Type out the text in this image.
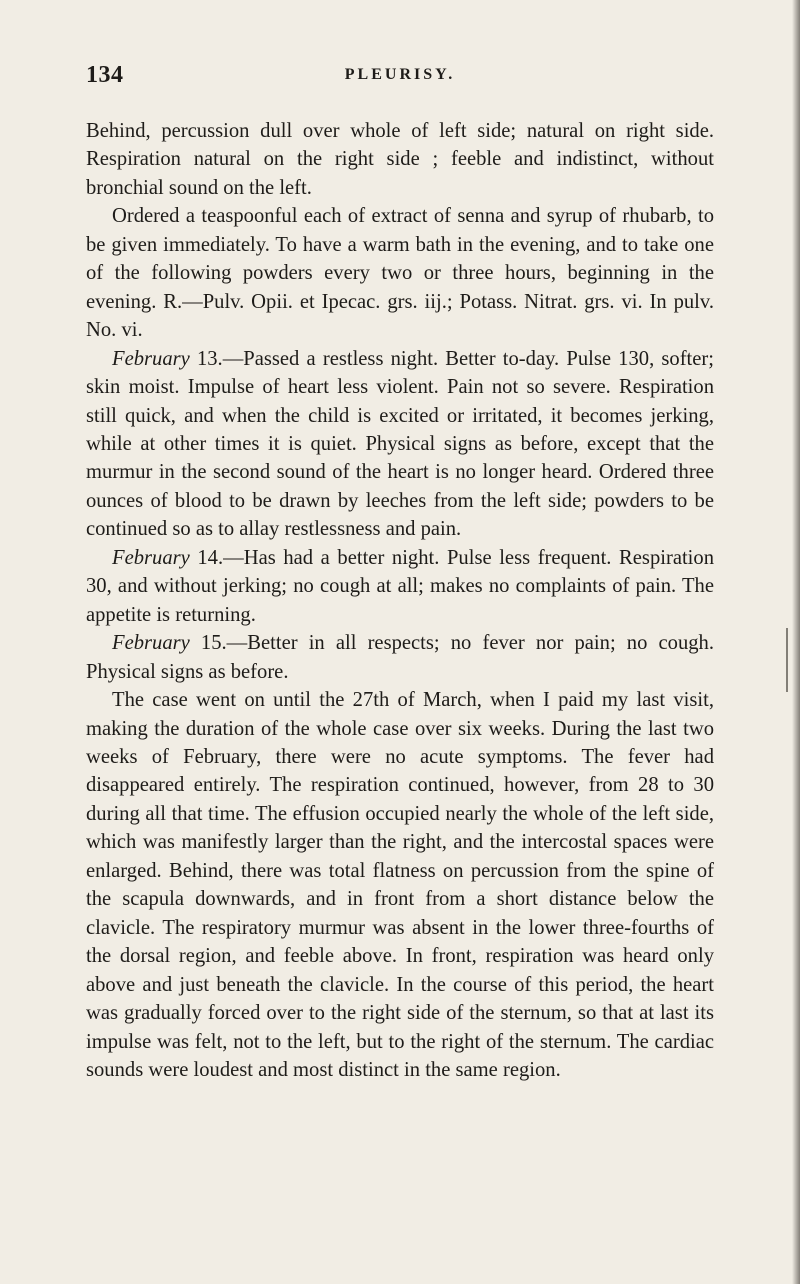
134	PLEURISY.

Behind, percussion dull over whole of left side; natural on right side. Respiration natural on the right side ; feeble and indistinct, without bronchial sound on the left.

Ordered a teaspoonful each of extract of senna and syrup of rhubarb, to be given immediately. To have a warm bath in the evening, and to take one of the following powders every two or three hours, beginning in the evening. R.—Pulv. Opii. et Ipecac. grs. iij.; Potass. Nitrat. grs. vi. In pulv. No. vi.

February 13.—Passed a restless night. Better to-day. Pulse 130, softer; skin moist. Impulse of heart less violent. Pain not so severe. Respiration still quick, and when the child is excited or irritated, it becomes jerking, while at other times it is quiet. Physical signs as before, except that the murmur in the second sound of the heart is no longer heard. Ordered three ounces of blood to be drawn by leeches from the left side; powders to be continued so as to allay restlessness and pain.

February 14.—Has had a better night. Pulse less frequent. Respiration 30, and without jerking; no cough at all; makes no complaints of pain. The appetite is returning.

February 15.—Better in all respects; no fever nor pain; no cough. Physical signs as before.

The case went on until the 27th of March, when I paid my last visit, making the duration of the whole case over six weeks. During the last two weeks of February, there were no acute symptoms. The fever had disappeared entirely. The respiration continued, however, from 28 to 30 during all that time. The effusion occupied nearly the whole of the left side, which was manifestly larger than the right, and the intercostal spaces were enlarged. Behind, there was total flatness on percussion from the spine of the scapula downwards, and in front from a short distance below the clavicle. The respiratory murmur was absent in the lower three-fourths of the dorsal region, and feeble above. In front, respiration was heard only above and just beneath the clavicle. In the course of this period, the heart was gradually forced over to the right side of the sternum, so that at last its impulse was felt, not to the left, but to the right of the sternum. The cardiac sounds were loudest and most distinct in the same region.
